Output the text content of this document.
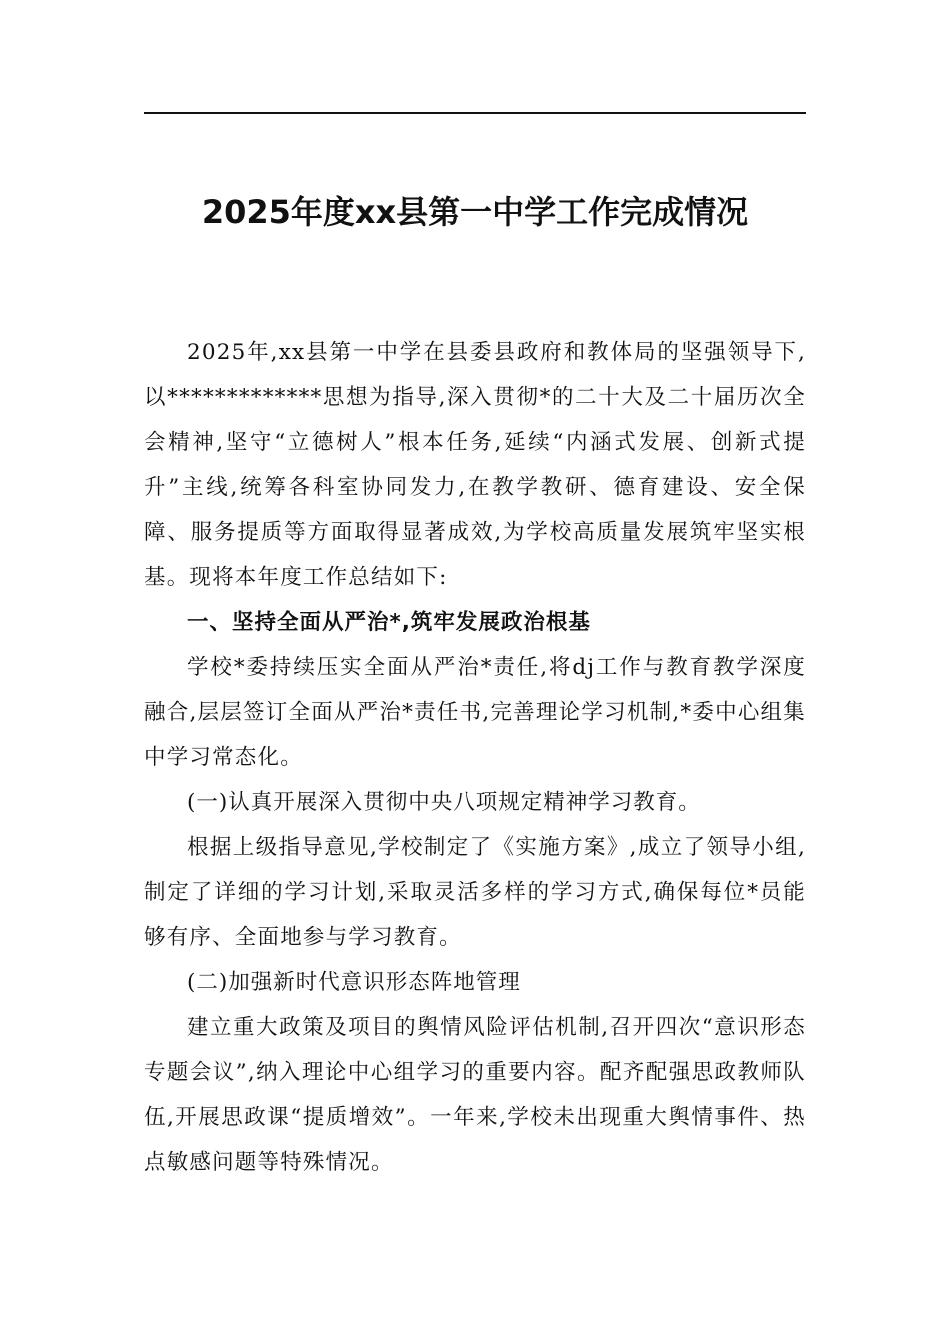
2025年度xx县第一中学工作完成情况

2025年,xx县第一中学在县委县政府和教体局的坚强领导下,以*************思想为指导,深入贯彻*的二十大及二十届历次全会精神,坚守“立德树人”根本任务,延续“内涵式发展、创新式提升”主线,统筹各科室协同发力,在教学教研、德育建设、安全保障、服务提质等方面取得显著成效,为学校高质量发展筑牢坚实根基。现将本年度工作总结如下:

一、坚持全面从严治*,筑牢发展政治根基

学校*委持续压实全面从严治*责任,将dj工作与教育教学深度融合,层层签订全面从严治*责任书,完善理论学习机制,*委中心组集中学习常态化。

(一)认真开展深入贯彻中央八项规定精神学习教育。

根据上级指导意见,学校制定了《实施方案》,成立了领导小组,制定了详细的学习计划,采取灵活多样的学习方式,确保每位*员能够有序、全面地参与学习教育。

(二)加强新时代意识形态阵地管理

建立重大政策及项目的舆情风险评估机制,召开四次“意识形态专题会议”,纳入理论中心组学习的重要内容。配齐配强思政教师队伍,开展思政课“提质增效”。一年来,学校未出现重大舆情事件、热点敏感问题等特殊情况。
